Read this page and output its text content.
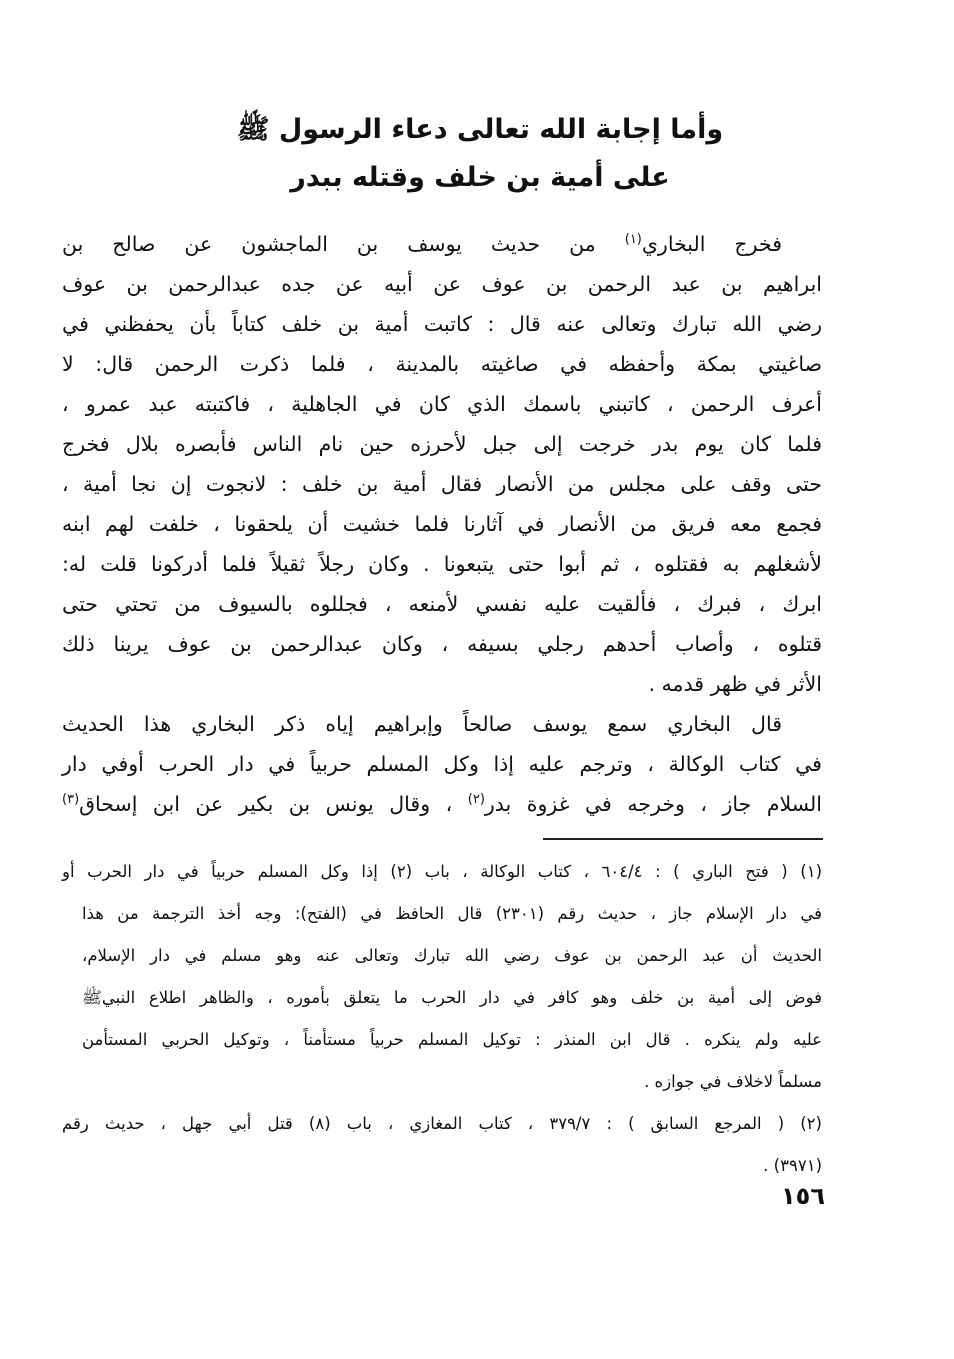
وأما إجابة الله تعالى دعاء الرسول ﷺ
على أمية بن خلف وقتله ببدر
فخرج البخاري$^{(١)}$ من حديث يوسف بن الماجشون عن صالح بن
ابراهيم بن عبد الرحمن بن عوف عن أبيه عن جده عبدالرحمن بن عوف
رضي الله تبارك وتعالى عنه قال : كاتبت أمية بن خلف كتاباً بأن يحفظني في
صاغيتي بمكة وأحفظه في صاغيته بالمدينة ، فلما ذكرت الرحمن قال: لا
أعرف الرحمن ، كاتبني باسمك الذي كان في الجاهلية ، فاكتبته عبد عمرو ،
فلما كان يوم بدر خرجت إلى جبل لأحرزه حين نام الناس فأبصره بلال فخرج
حتى وقف على مجلس من الأنصار فقال أمية بن خلف : لانجوت إن نجا أمية ،
فجمع معه فريق من الأنصار في آثارنا فلما خشيت أن يلحقونا ، خلفت لهم ابنه
لأشغلهم به فقتلوه ، ثم أبوا حتى يتبعونا . وكان رجلاً ثقيلاً فلما أدركونا قلت له:
ابرك ، فبرك ، فألقيت عليه نفسي لأمنعه ، فجللوه بالسيوف من تحتي حتى
قتلوه ، وأصاب أحدهم رجلي بسيفه ، وكان عبدالرحمن بن عوف يرينا ذلك
الأثر في ظهر قدمه .
قال البخاري سمع يوسف صالحاً وإبراهيم إياه ذكر البخاري هذا الحديث
في كتاب الوكالة ، وترجم عليه إذا وكل المسلم حربياً في دار الحرب أوفي دار
السلام جاز ، وخرجه في غزوة بدر$^{(٢)}$ ، وقال يونس بن بكير عن ابن إسحاق$^{(٣)}$
(١) ( فتح الباري ) : ٦٠٤/٤ ، كتاب الوكالة ، باب (٢) إذا وكل المسلم حربياً في دار الحرب أو
في دار الإسلام جاز ، حديث رقم (٢٣٠١) قال الحافظ في (الفتح): وجه أخذ الترجمة من هذا
الحديث أن عبد الرحمن بن عوف رضي الله تبارك وتعالى عنه وهو مسلم في دار الإسلام،
فوض إلى أمية بن خلف وهو كافر في دار الحرب ما يتعلق بأموره ، والظاهر اطلاع النبيﷺ
عليه ولم ينكره . قال ابن المنذر : توكيل المسلم حربياً مستأمناً ، وتوكيل الحربي المستأمن
مسلماً لاخلاف في جوازه .
(٢) ( المرجع السابق ) : ٣٧٩/٧ ، كتاب المغازي ، باب (٨) قتل أبي جهل ، حديث رقم
(٣٩٧١) .
١٥٦
